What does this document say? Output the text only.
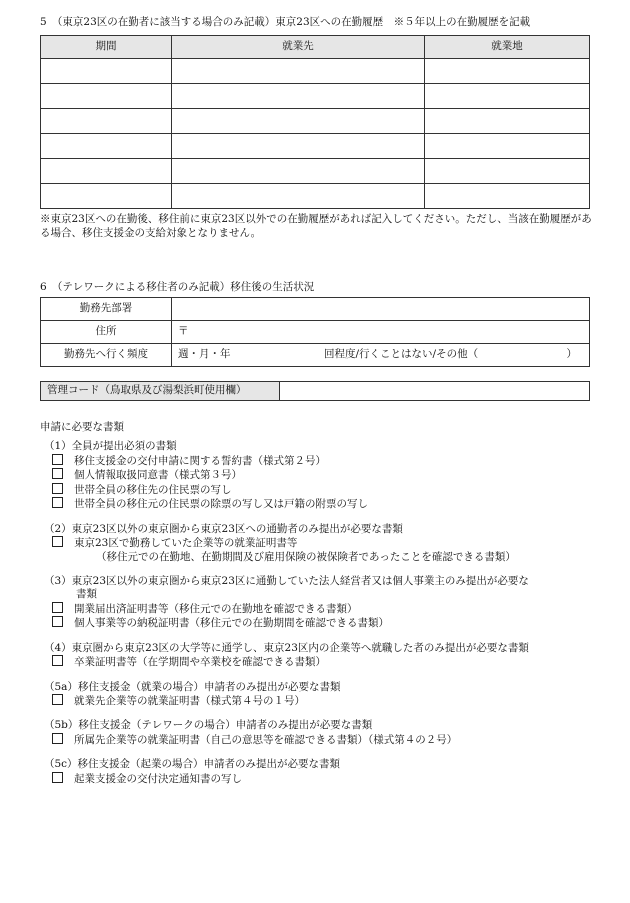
5　（東京23区の在勤者に該当する場合のみ記載）東京23区への在勤履歴　※５年以上の在勤履歴を記載
期間	就業先	就業地

※東京23区への在勤後、移住前に東京23区以外での在勤履歴があれば記入してください。ただし、当該在勤履歴がある場合、移住支援金の支給対象となりません。
6　（テレワークによる移住者のみ記載）移住後の生活状況
勤務先部署	
住所	〒
勤務先へ行く頻度	週・月・年 回程度/行くことはない/その他（ ）
管理コード（鳥取県及び湯梨浜町使用欄）	
申請に必要な書類
（1）全員が提出必須の書類
移住支援金の交付申請に関する誓約書（様式第２号）
個人情報取扱同意書（様式第３号）
世帯全員の移住先の住民票の写し
世帯全員の移住元の住民票の除票の写し又は戸籍の附票の写し
（2）東京23区以外の東京圏から東京23区への通勤者のみ提出が必要な書類
東京23区で勤務していた企業等の就業証明書等
（移住元での在勤地、在勤期間及び雇用保険の被保険者であったことを確認できる書類）
（3）東京23区以外の東京圏から東京23区に通勤していた法人経営者又は個人事業主のみ提出が必要な
書類
開業届出済証明書等（移住元での在勤地を確認できる書類）
個人事業等の納税証明書（移住元での在勤期間を確認できる書類）
（4）東京圏から東京23区の大学等に通学し、東京23区内の企業等へ就職した者のみ提出が必要な書類
卒業証明書等（在学期間や卒業校を確認できる書類）
（5a）移住支援金（就業の場合）申請者のみ提出が必要な書類
就業先企業等の就業証明書（様式第４号の１号）
（5b）移住支援金（テレワークの場合）申請者のみ提出が必要な書類
所属先企業等の就業証明書（自己の意思等を確認できる書類）（様式第４の２号）
（5c）移住支援金（起業の場合）申請者のみ提出が必要な書類
起業支援金の交付決定通知書の写し
